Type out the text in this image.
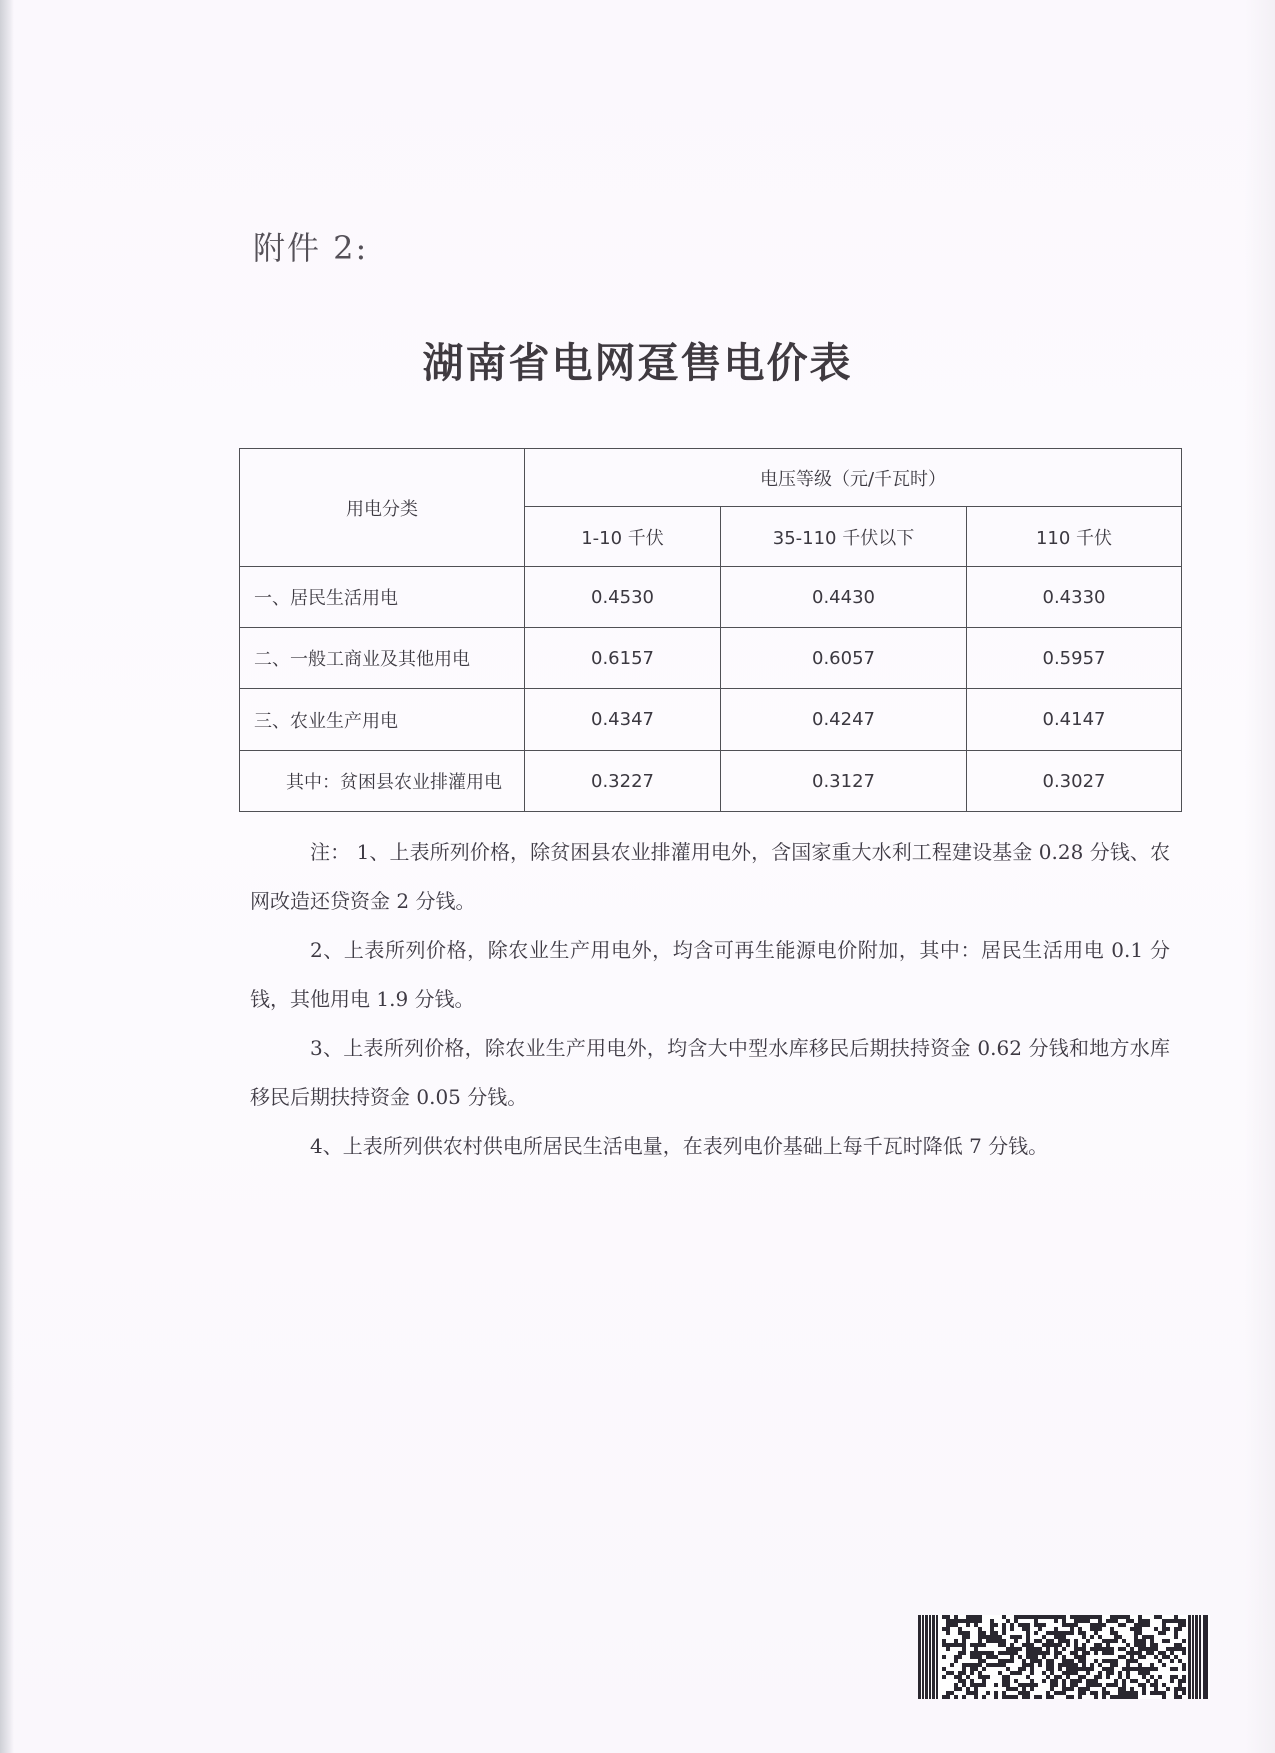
附件 2:
湖南省电网趸售电价表
用电分类	电压等级（元/千瓦时）		
	1-10 千伏	35-110 千伏以下	110 千伏
一、居民生活用电	0.4530	0.4430	0.4330
二、一般工商业及其他用电	0.6157	0.6057	0.5957
三、农业生产用电	0.4347	0.4247	0.4147
其中：贫困县农业排灌用电	0.3227	0.3127	0.3027

注： 1、上表所列价格，除贫困县农业排灌用电外，含国家重大水利工程建设基金 0.28 分钱、农网改造还贷资金 2 分钱。

2、上表所列价格，除农业生产用电外，均含可再生能源电价附加，其中：居民生活用电 0.1 分钱，其他用电 1.9 分钱。

3、上表所列价格，除农业生产用电外，均含大中型水库移民后期扶持资金 0.62 分钱和地方水库移民后期扶持资金 0.05 分钱。

4、上表所列供农村供电所居民生活电量，在表列电价基础上每千瓦时降低 7 分钱。
